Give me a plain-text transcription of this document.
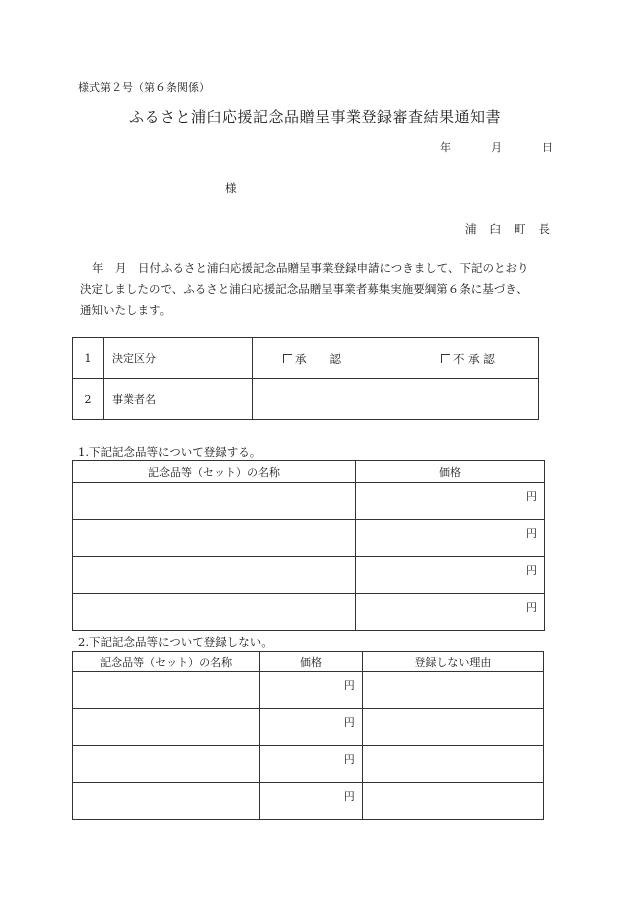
様式第２号（第６条関係）
ふるさと浦臼応援記念品贈呈事業登録審査結果通知書
年	月	日
様
浦 臼 町 長
年　月　日付ふるさと浦臼応援記念品贈呈事業登録申請につきまして、下記のとおり
決定しましたので、ふるさと浦臼応援記念品贈呈事業者募集実施要綱第６条に基づき、
通知いたします。
1	決定区分	承　　認 不 承 認

2	事業者名	
1.下記記念品等について登録する。
記念品等（セット）の名称	価格
	円
	円
	円
	円
2.下記記念品等について登録しない。
記念品等（セット）の名称	価格	登録しない理由
	円	
	円	
	円	
	円	
